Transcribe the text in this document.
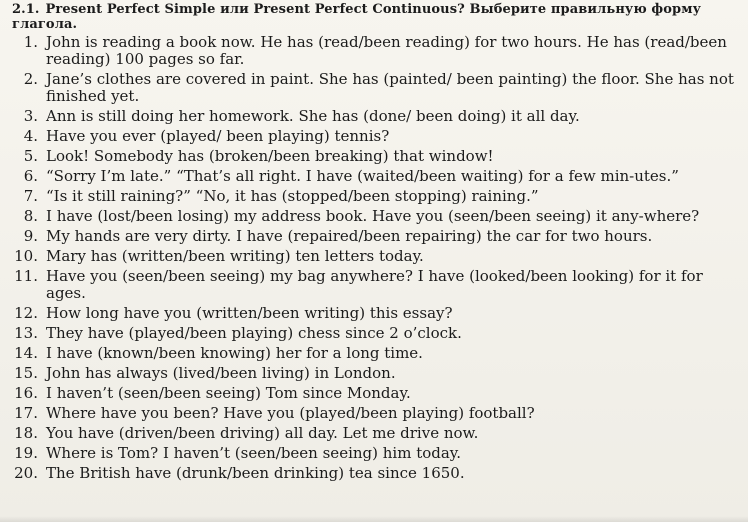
2.1. Present Perfect Simple или Present Perfect Continuous? Выберите правильную форму глагола.
1. John is reading a book now. He has (read/been reading) for two hours. He has (read/been reading) 100 pages so far.
2. Jane’s clothes are covered in paint. She has (painted/ been painting) the floor. She has not finished yet.
3. Ann is still doing her homework. She has (done/ been doing) it all day.
4. Have you ever (played/ been playing) tennis?
5. Look! Somebody has (broken/been breaking) that window!
6. “Sorry I’m late.” “That’s all right. I have (waited/been waiting) for a few min-utes.”
7. “Is it still raining?” “No, it has (stopped/been stopping) raining.”
8. I have (lost/been losing) my address book. Have you (seen/been seeing) it any-where?
9. My hands are very dirty. I have (repaired/been repairing) the car for two hours.
10. Mary has (written/been writing) ten letters today.
11. Have you (seen/been seeing) my bag anywhere? I have (looked/been looking) for it for ages.
12. How long have you (written/been writing) this essay?
13. They have (played/been playing) chess since 2 o’clock.
14. I have (known/been knowing) her for a long time.
15. John has always (lived/been living) in London.
16. I haven’t (seen/been seeing) Tom since Monday.
17. Where have you been? Have you (played/been playing) football?
18. You have (driven/been driving) all day. Let me drive now.
19. Where is Tom? I haven’t (seen/been seeing) him today.
20. The British have (drunk/been drinking) tea since 1650.
